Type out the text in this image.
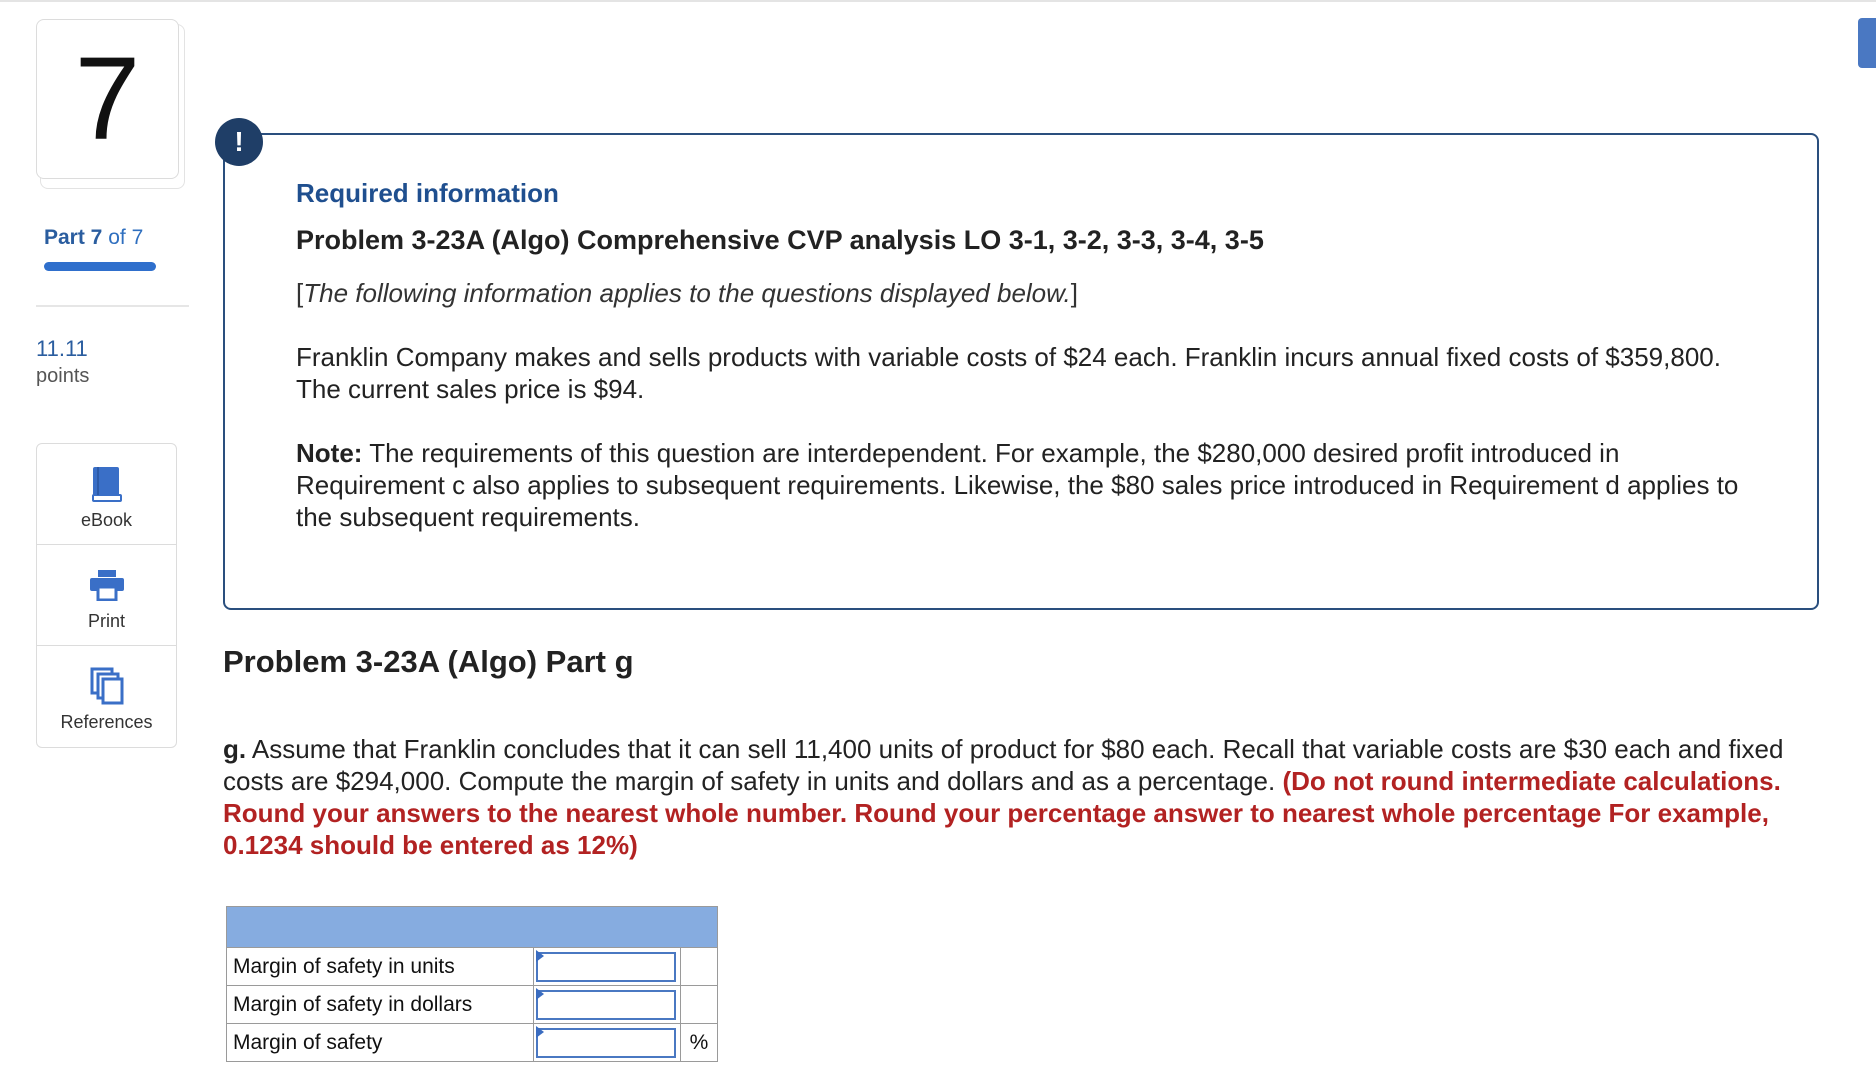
7
Part 7 of 7
11.11
points
eBook
Print
References
!
Required information
Problem 3-23A (Algo) Comprehensive CVP analysis LO 3-1, 3-2, 3-3, 3-4, 3-5
[The following information applies to the questions displayed below.]
Franklin Company makes and sells products with variable costs of $24 each. Franklin incurs annual fixed costs of $359,800. The current sales price is $94.
Note: The requirements of this question are interdependent. For example, the $280,000 desired profit introduced in Requirement c also applies to subsequent requirements. Likewise, the $80 sales price introduced in Requirement d applies to the subsequent requirements.
Problem 3-23A (Algo) Part g
g. Assume that Franklin concludes that it can sell 11,400 units of product for $80 each. Recall that variable costs are $30 each and fixed costs are $294,000. Compute the margin of safety in units and dollars and as a percentage. (Do not round intermediate calculations. Round your answers to the nearest whole number. Round your percentage answer to nearest whole percentage For example, 0.1234 should be entered as 12%)

Margin of safety in units	

Margin of safety in dollars	

Margin of safety		%
